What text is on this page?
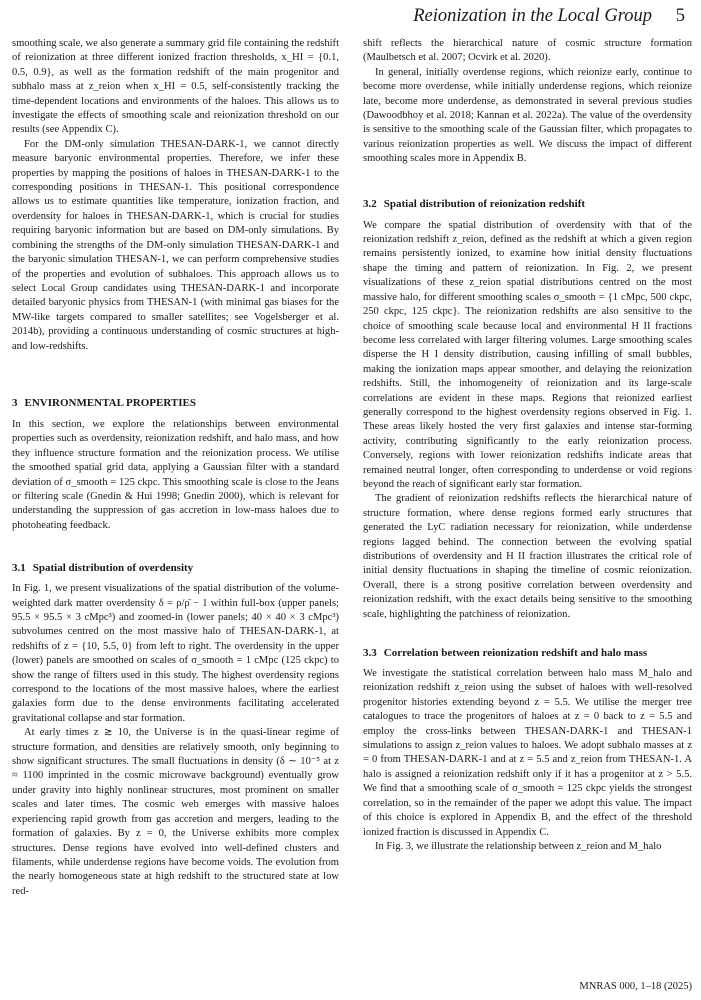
Reionization in the Local Group 5

smoothing scale, we also generate a summary grid file containing the redshift of reionization at three different ionized fraction thresholds, x_HI = {0.1, 0.5, 0.9}, as well as the formation redshift of the main progenitor and subhalo mass at z_reion when x_HI = 0.5, self-consistently tracking the time-dependent locations and environments of the haloes. This allows us to investigate the effects of smoothing scale and reionization threshold on our results (see Appendix C).

For the DM-only simulation THESAN-DARK-1, we cannot directly measure baryonic environmental properties. Therefore, we infer these properties by mapping the positions of haloes in THESAN-DARK-1 to the corresponding positions in THESAN-1. This positional correspondence allows us to estimate quantities like temperature, ionization fraction, and overdensity for haloes in THESAN-DARK-1, which is crucial for studies requiring baryonic information but are based on DM-only simulations. By combining the strengths of the DM-only simulation THESAN-DARK-1 and the baryonic simulation THESAN-1, we can perform comprehensive studies of the properties and evolution of subhaloes. This approach allows us to select Local Group candidates using THESAN-DARK-1 and incorporate detailed baryonic physics from THESAN-1 (with minimal gas biases for the MW-like targets compared to smaller satellites; see Vogelsberger et al. 2014b), providing a continuous understanding of cosmic structures at high- and low-redshifts.

3 ENVIRONMENTAL PROPERTIES

In this section, we explore the relationships between environmental properties such as overdensity, reionization redshift, and halo mass, and how they influence structure formation and the reionization process. We utilise the smoothed spatial grid data, applying a Gaussian filter with a standard deviation of σ_smooth = 125 ckpc. This smoothing scale is close to the Jeans or filtering scale (Gnedin & Hui 1998; Gnedin 2000), which is relevant for understanding the suppression of gas accretion in low-mass haloes due to photoheating feedback.

3.1 Spatial distribution of overdensity

In Fig. 1, we present visualizations of the spatial distribution of the volume-weighted dark matter overdensity δ = ρ/ρ̄ − 1 within full-box (upper panels; 95.5 × 95.5 × 3 cMpc³) and zoomed-in (lower panels; 40 × 40 × 3 cMpc³) subvolumes centred on the most massive halo of THESAN-DARK-1, at redshifts of z = {10, 5.5, 0} from left to right. The overdensity in the upper (lower) panels are smoothed on scales of σ_smooth = 1 cMpc (125 ckpc) to show the range of filters used in this study. The highest overdensity regions correspond to the locations of the most massive haloes, where the earliest galaxies form due to the dense environments facilitating accelerated gravitational collapse and star formation.

At early times z ≳ 10, the Universe is in the quasi-linear regime of structure formation, and densities are relatively smooth, only beginning to show significant structures. The small fluctuations in density (δ ∼ 10⁻⁵ at z ≈ 1100 imprinted in the cosmic microwave background) eventually grow under gravity into highly nonlinear structures, most prominent on smaller scales and later times. The cosmic web emerges with massive haloes experiencing rapid growth from gas accretion and mergers, leading to the formation of galaxies. By z = 0, the Universe exhibits more complex structures. Dense regions have evolved into well-defined clusters and filaments, while underdense regions have become voids. The evolution from the nearly homogeneous state at high redshift to the structured state at low red-

shift reflects the hierarchical nature of cosmic structure formation (Maulbetsch et al. 2007; Ocvirk et al. 2020).

In general, initially overdense regions, which reionize early, continue to become more overdense, while initially underdense regions, which reionize late, become more underdense, as demonstrated in several previous studies (Dawoodbhoy et al. 2018; Kannan et al. 2022a). The value of the overdensity is sensitive to the smoothing scale of the Gaussian filter, which propagates to various reionization properties as well. We discuss the impact of different smoothing scales more in Appendix B.

3.2 Spatial distribution of reionization redshift

We compare the spatial distribution of overdensity with that of the reionization redshift z_reion, defined as the redshift at which a given region remains persistently ionized, to examine how initial density fluctuations shape the timing and pattern of reionization. In Fig. 2, we present visualizations of these z_reion spatial distributions centred on the most massive halo, for different smoothing scales σ_smooth = {1 cMpc, 500 ckpc, 250 ckpc, 125 ckpc}. The reionization redshifts are also sensitive to the choice of smoothing scale because local and environmental H II fractions become less correlated with larger filtering volumes. Large smoothing scales disperse the H I density distribution, causing infilling of small bubbles, making the ionization maps appear smoother, and delaying the reionization redshifts. Still, the inhomogeneity of reionization and its large-scale correlations are evident in these maps. Regions that reionized earliest generally correspond to the highest overdensity regions observed in Fig. 1. These areas likely hosted the very first galaxies and intense star-forming activity, contributing significantly to the early reionization process. Conversely, regions with lower reionization redshifts indicate areas that remained neutral longer, often corresponding to underdense or void regions beyond the reach of significant early star formation.

The gradient of reionization redshifts reflects the hierarchical nature of structure formation, where dense regions formed early structures that generated the LyC radiation necessary for reionization, while underdense regions lagged behind. The connection between the evolving spatial distributions of overdensity and H II fraction illustrates the critical role of initial density fluctuations in shaping the timeline of cosmic reionization. Overall, there is a strong positive correlation between overdensity and reionization redshift, with the exact details being sensitive to the smoothing scale, highlighting the patchiness of reionization.

3.3 Correlation between reionization redshift and halo mass

We investigate the statistical correlation between halo mass M_halo and reionization redshift z_reion using the subset of haloes with well-resolved progenitor histories extending beyond z = 5.5. We utilise the merger tree catalogues to trace the progenitors of haloes at z = 0 back to z = 5.5 and employ the cross-links between THESAN-DARK-1 and THESAN-1 simulations to assign z_reion values to haloes. We adopt subhalo masses at z = 0 from THESAN-DARK-1 and at z = 5.5 and z_reion from THESAN-1. A halo is assigned a reionization redshift only if it has a progenitor at z > 5.5. We find that a smoothing scale of σ_smooth = 125 ckpc yields the strongest correlation, so in the remainder of the paper we adopt this value. The impact of this choice is explored in Appendix B, and the effect of the threshold ionized fraction is discussed in Appendix C.

In Fig. 3, we illustrate the relationship between z_reion and M_halo

MNRAS 000, 1–18 (2025)
